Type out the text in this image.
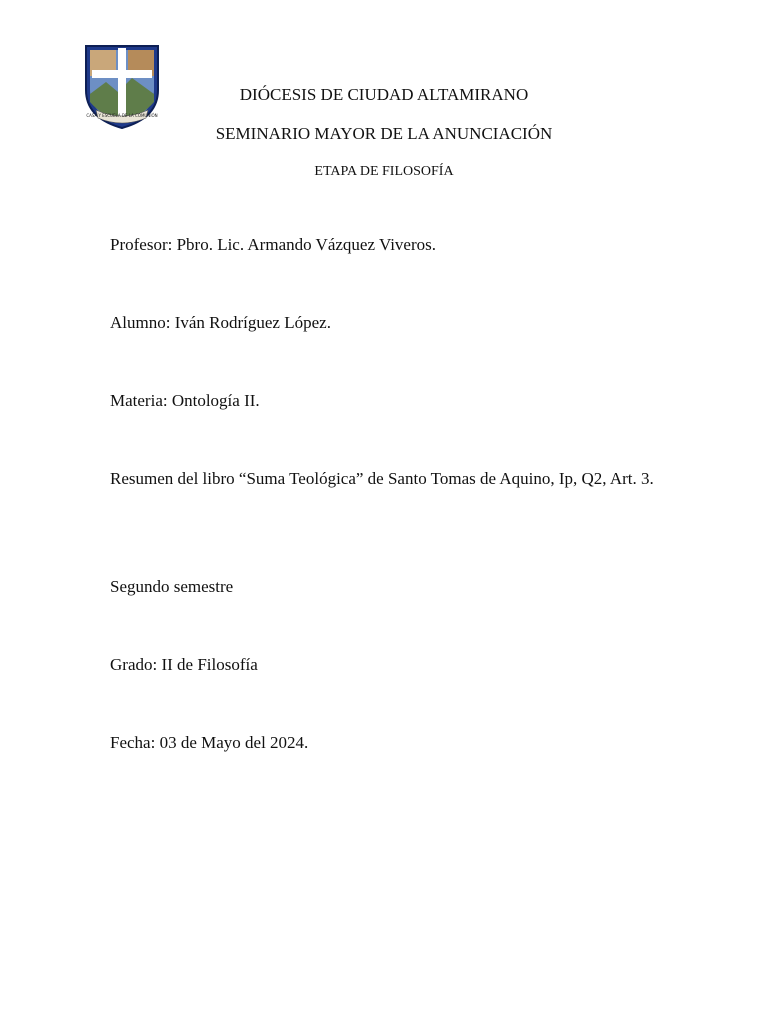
CASA Y ESCUELA DE LA COMUNIÓN
DIÓCESIS DE CIUDAD ALTAMIRANO
SEMINARIO MAYOR DE LA ANUNCIACIÓN
ETAPA DE FILOSOFÍA
Profesor: Pbro. Lic. Armando Vázquez Viveros.
Alumno: Iván Rodríguez López.
Materia: Ontología II.
Resumen del libro “Suma Teológica” de Santo Tomas de Aquino, Ip, Q2, Art. 3.
Segundo semestre
Grado: II de Filosofía
Fecha: 03 de Mayo del 2024.
